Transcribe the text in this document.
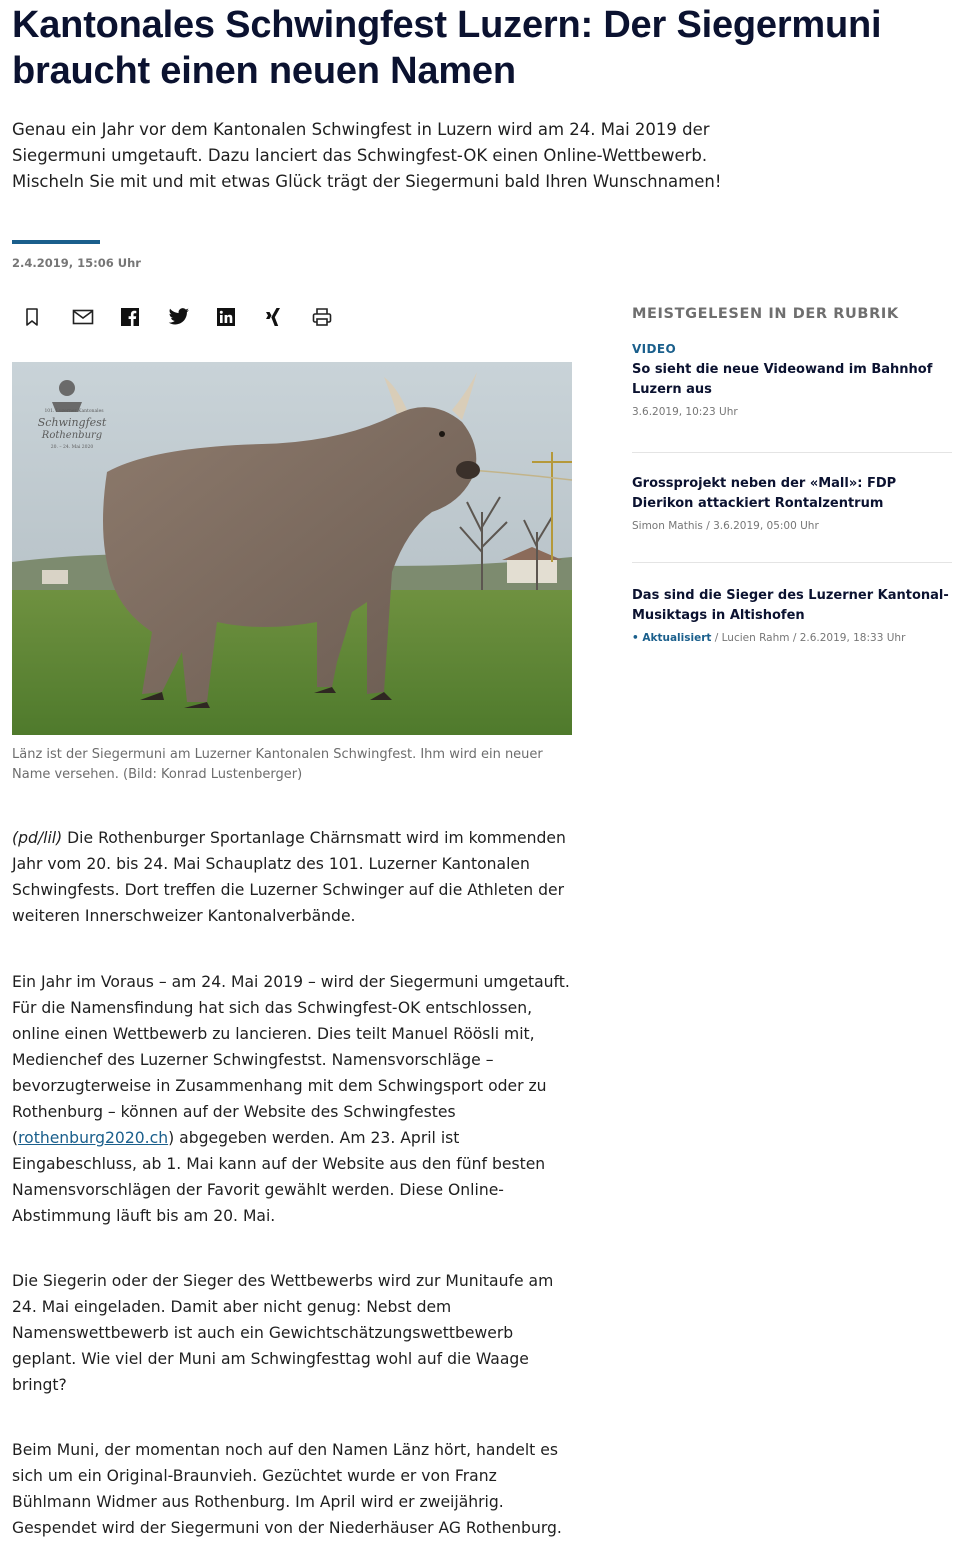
Kantonales Schwingfest Luzern: Der Siegermuni braucht einen neuen Namen

Genau ein Jahr vor dem Kantonalen Schwingfest in Luzern wird am 24. Mai 2019 der Siegermuni umgetauft. Dazu lanciert das Schwingfest-OK einen Online-Wettbewerb. Mischeln Sie mit und mit etwas Glück trägt der Siegermuni bald Ihren Wunschnamen!

2.4.2019, 15:06 Uhr
101. Luzerner Kantonales
Schwingfest
Rothenburg
20. – 24. Mai 2020

Länz ist der Siegermuni am Luzerner Kantonalen Schwingfest. Ihm wird ein neuer Name versehen. (Bild: Konrad Lustenberger)

(pd/lil) Die Rothenburger Sportanlage Chärnsmatt wird im kommenden Jahr vom 20. bis 24. Mai Schauplatz des 101. Luzerner Kantonalen Schwingfests. Dort treffen die Luzerner Schwinger auf die Athleten der weiteren Innerschweizer Kantonalverbände.

Ein Jahr im Voraus – am 24. Mai 2019 – wird der Siegermuni umgetauft. Für die Namensfindung hat sich das Schwingfest-OK entschlossen, online einen Wettbewerb zu lancieren. Dies teilt Manuel Röösli mit, Medienchef des Luzerner Schwingfestst. Namensvorschläge – bevorzugterweise in Zusammenhang mit dem Schwingsport oder zu Rothenburg – können auf der Website des Schwingfestes (rothenburg2020.ch) abgegeben werden. Am 23. April ist Eingabeschluss, ab 1. Mai kann auf der Website aus den fünf besten Namensvorschlägen der Favorit gewählt werden. Diese Online-Abstimmung läuft bis am 20. Mai.

Die Siegerin oder der Sieger des Wettbewerbs wird zur Munitaufe am 24. Mai eingeladen. Damit aber nicht genug: Nebst dem Namenswettbewerb ist auch ein Gewichtschätzungswettbewerb geplant. Wie viel der Muni am Schwingfesttag wohl auf die Waage bringt?

Beim Muni, der momentan noch auf den Namen Länz hört, handelt es sich um ein Original-Braunvieh. Gezüchtet wurde er von Franz Bühlmann Widmer aus Rothenburg. Im April wird er zweijährig. Gespendet wird der Siegermuni von der Niederhäuser AG Rothenburg.

MEISTGELESEN IN DER RUBRIK
VIDEO

So sieht die neue Videowand im Bahnhof Luzern aus

3.6.2019, 10:23 Uhr

Grossprojekt neben der «Mall»: FDP Dierikon attackiert Rontalzentrum

Simon Mathis / 3.6.2019, 05:00 Uhr

Das sind die Sieger des Luzerner Kantonal-Musiktags in Altishofen

• Aktualisiert / Lucien Rahm / 2.6.2019, 18:33 Uhr
